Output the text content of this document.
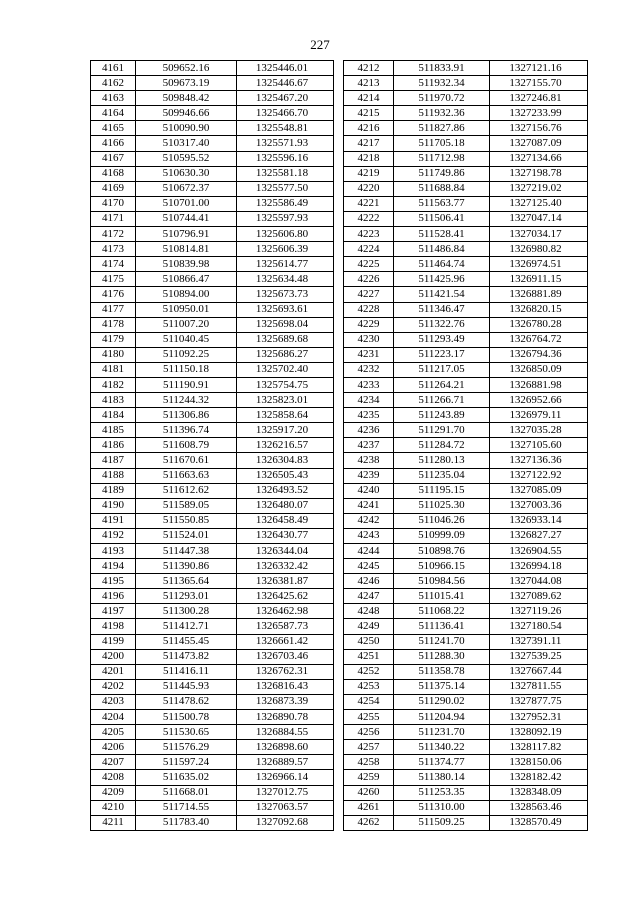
227
4161	509652.16	1325446.01
4162	509673.19	1325446.67
4163	509848.42	1325467.20
4164	509946.66	1325466.70
4165	510090.90	1325548.81
4166	510317.40	1325571.93
4167	510595.52	1325596.16
4168	510630.30	1325581.18
4169	510672.37	1325577.50
4170	510701.00	1325586.49
4171	510744.41	1325597.93
4172	510796.91	1325606.80
4173	510814.81	1325606.39
4174	510839.98	1325614.77
4175	510866.47	1325634.48
4176	510894.00	1325673.73
4177	510950.01	1325693.61
4178	511007.20	1325698.04
4179	511040.45	1325689.68
4180	511092.25	1325686.27
4181	511150.18	1325702.40
4182	511190.91	1325754.75
4183	511244.32	1325823.01
4184	511306.86	1325858.64
4185	511396.74	1325917.20
4186	511608.79	1326216.57
4187	511670.61	1326304.83
4188	511663.63	1326505.43
4189	511612.62	1326493.52
4190	511589.05	1326480.07
4191	511550.85	1326458.49
4192	511524.01	1326430.77
4193	511447.38	1326344.04
4194	511390.86	1326332.42
4195	511365.64	1326381.87
4196	511293.01	1326425.62
4197	511300.28	1326462.98
4198	511412.71	1326587.73
4199	511455.45	1326661.42
4200	511473.82	1326703.46
4201	511416.11	1326762.31
4202	511445.93	1326816.43
4203	511478.62	1326873.39
4204	511500.78	1326890.78
4205	511530.65	1326884.55
4206	511576.29	1326898.60
4207	511597.24	1326889.57
4208	511635.02	1326966.14
4209	511668.01	1327012.75
4210	511714.55	1327063.57
4211	511783.40	1327092.68
4212	511833.91	1327121.16
4213	511932.34	1327155.70
4214	511970.72	1327246.81
4215	511932.36	1327233.99
4216	511827.86	1327156.76
4217	511705.18	1327087.09
4218	511712.98	1327134.66
4219	511749.86	1327198.78
4220	511688.84	1327219.02
4221	511563.77	1327125.40
4222	511506.41	1327047.14
4223	511528.41	1327034.17
4224	511486.84	1326980.82
4225	511464.74	1326974.51
4226	511425.96	1326911.15
4227	511421.54	1326881.89
4228	511346.47	1326820.15
4229	511322.76	1326780.28
4230	511293.49	1326764.72
4231	511223.17	1326794.36
4232	511217.05	1326850.09
4233	511264.21	1326881.98
4234	511266.71	1326952.66
4235	511243.89	1326979.11
4236	511291.70	1327035.28
4237	511284.72	1327105.60
4238	511280.13	1327136.36
4239	511235.04	1327122.92
4240	511195.15	1327085.09
4241	511025.30	1327003.36
4242	511046.26	1326933.14
4243	510999.09	1326827.27
4244	510898.76	1326904.55
4245	510966.15	1326994.18
4246	510984.56	1327044.08
4247	511015.41	1327089.62
4248	511068.22	1327119.26
4249	511136.41	1327180.54
4250	511241.70	1327391.11
4251	511288.30	1327539.25
4252	511358.78	1327667.44
4253	511375.14	1327811.55
4254	511290.02	1327877.75
4255	511204.94	1327952.31
4256	511231.70	1328092.19
4257	511340.22	1328117.82
4258	511374.77	1328150.06
4259	511380.14	1328182.42
4260	511253.35	1328348.09
4261	511310.00	1328563.46
4262	511509.25	1328570.49
